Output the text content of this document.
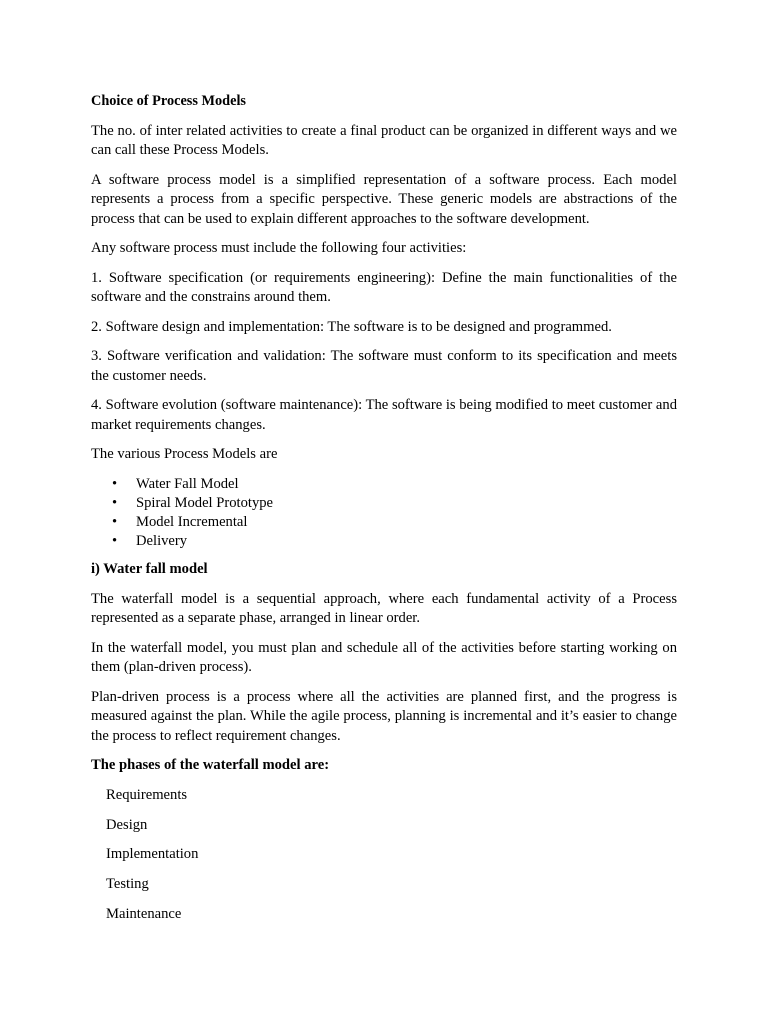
Choice of Process Models

The no. of inter related activities to create a final product can be organized in different ways and we can call these Process Models.

A software process model is a simplified representation of a software process. Each model represents a process from a specific perspective. These generic models are abstractions of the process that can be used to explain different approaches to the software development.

Any software process must include the following four activities:

1. Software specification (or requirements engineering): Define the main functionalities of the software and the constrains around them.

2. Software design and implementation: The software is to be designed and programmed.

3. Software verification and validation: The software must conform to its specification and meets the customer needs.

4. Software evolution (software maintenance): The software is being modified to meet customer and market requirements changes.

The various Process Models are

• Water Fall Model
• Spiral Model Prototype
• Model Incremental
• Delivery

i) Water fall model

The waterfall model is a sequential approach, where each fundamental activity of a Process represented as a separate phase, arranged in linear order.

In the waterfall model, you must plan and schedule all of the activities before starting working on them (plan-driven process).

Plan-driven process is a process where all the activities are planned first, and the progress is measured against the plan. While the agile process, planning is incremental and it’s easier to change the process to reflect requirement changes.

The phases of the waterfall model are:

Requirements
Design
Implementation
Testing
Maintenance
